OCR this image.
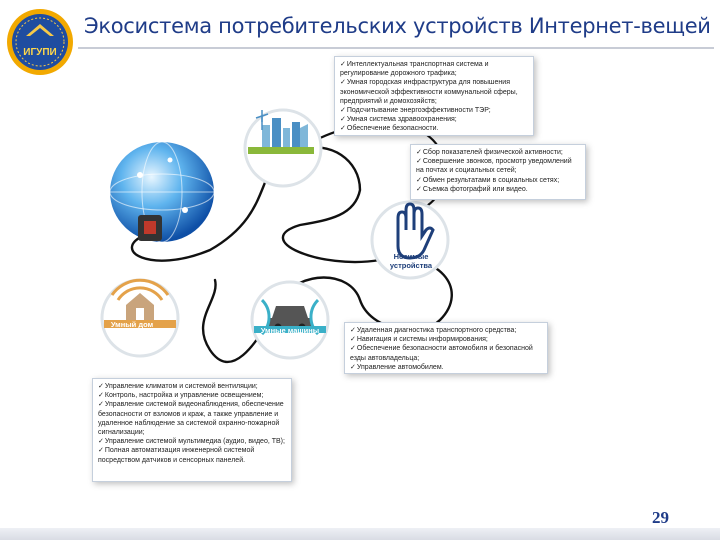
ИГУПИ
Экосистема потребительских устройств Интернет-вещей
Умные города
Носимые устройства
Умный дом
Умные машины
✓ Интеллектуальная транспортная система и регулирование дорожного трафика;
✓ Умная городская инфраструктура для повышения экономической эффективности коммунальной сферы, предприятий и домохозяйств;
✓ Подсчитывание энергоэффективности ТЭР;
✓ Умная система здравоохранения;
✓ Обеспечение безопасности.
✓ Сбор показателей физической активности;
✓ Совершение звонков, просмотр уведомлений на почтах и социальных сетей;
✓ Обмен результатами в социальных сетях;
✓ Съемка фотографий или видео.
✓ Удаленная диагностика транспортного средства;
✓ Навигация и системы информирования;
✓ Обеспечение безопасности автомобиля и безопасной езды автовладельца;
✓ Управление автомобилем.
✓ Управление климатом и системой вентиляции;
✓ Контроль, настройка и управление освещением;
✓ Управление системой видеонаблюдения, обеспечение безопасности от взломов и краж, а также управление и удаленное наблюдение за системой охранно-пожарной сигнализации;
✓ Управление системой мультимедиа (аудио, видео, ТВ);
✓ Полная автоматизация инженерной системой посредством датчиков и сенсорных панелей.
29
